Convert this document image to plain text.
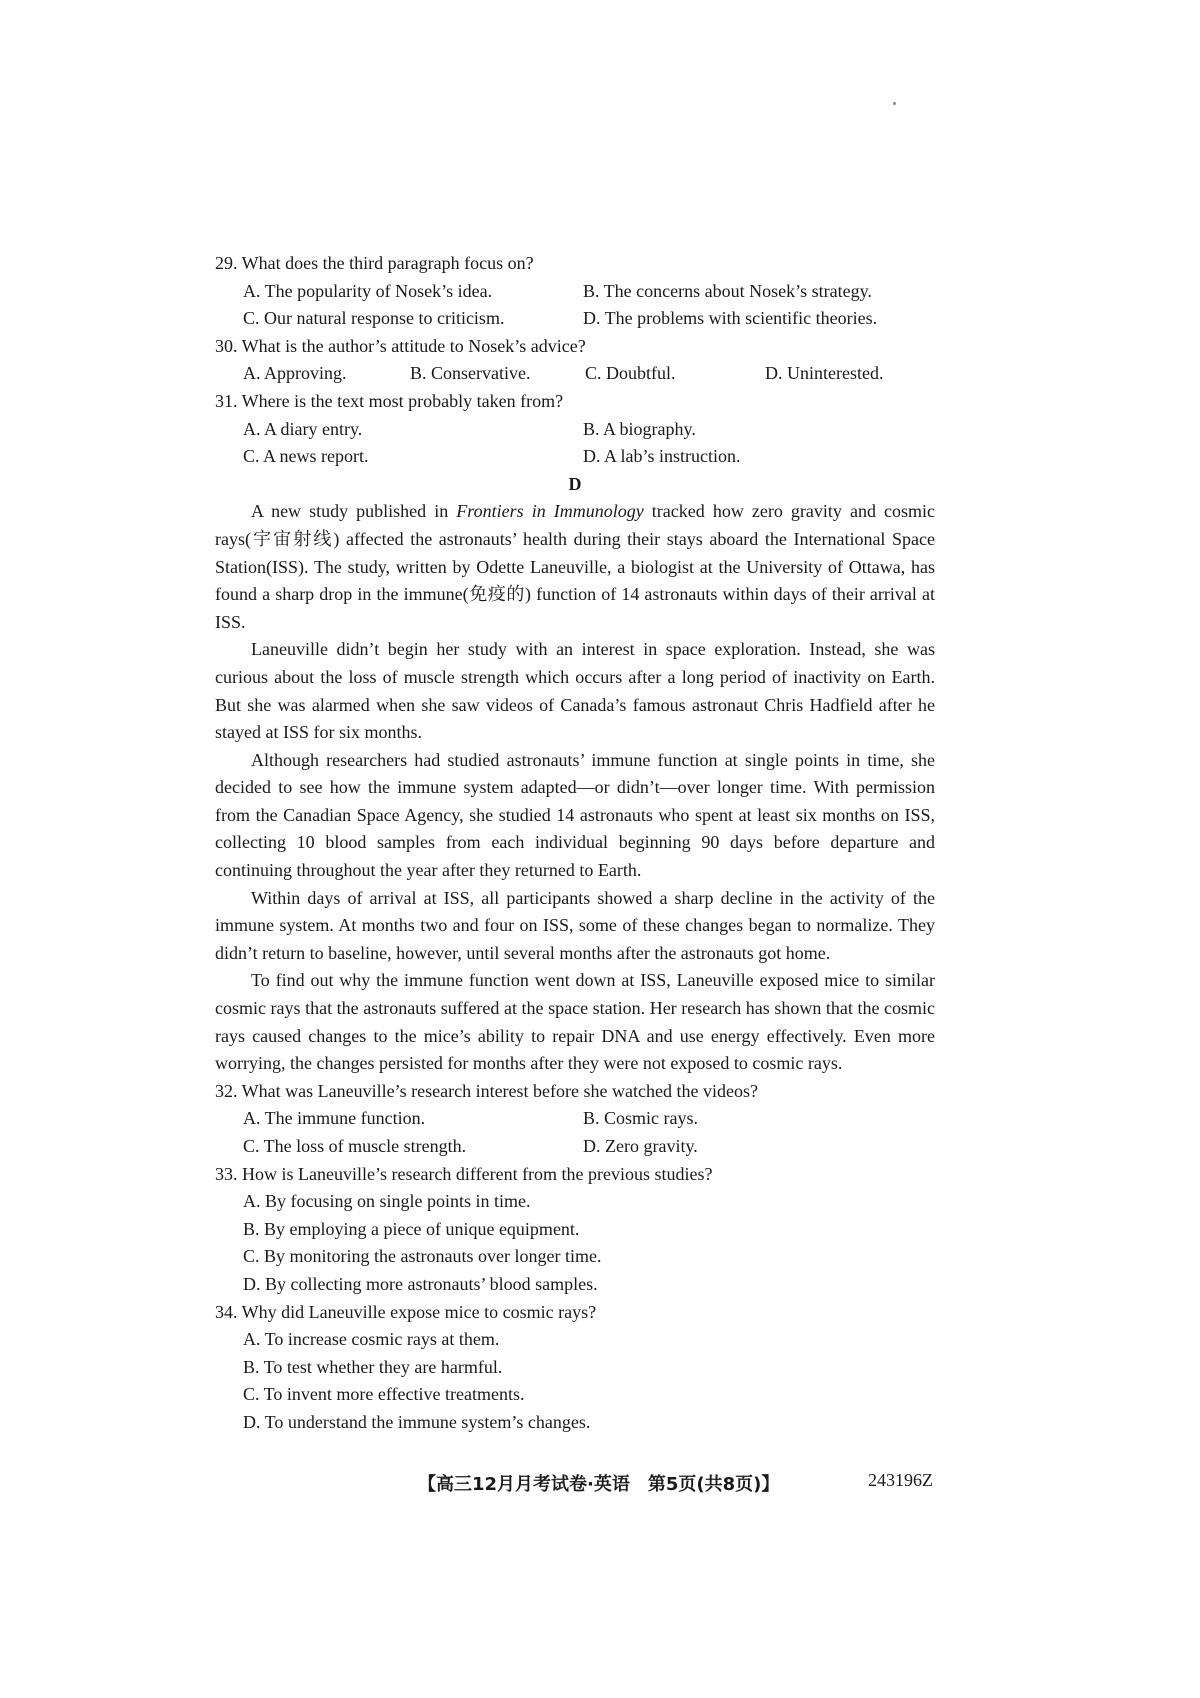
29. What does the third paragraph focus on?

A. The popularity of Nosek’s idea.	B. The concerns about Nosek’s strategy.
C. Our natural response to criticism.	D. The problems with scientific theories.

30. What is the author’s attitude to Nosek’s advice?

A. Approving.	B. Conservative.	C. Doubtful.	D. Uninterested.

31. Where is the text most probably taken from?

A. A diary entry.	B. A biography.
C. A news report.	D. A lab’s instruction.

D

A new study published in Frontiers in Immunology tracked how zero gravity and cosmic rays(宇宙射线) affected the astronauts’ health during their stays aboard the International Space Station(ISS). The study, written by Odette Laneuville, a biologist at the University of Ottawa, has found a sharp drop in the immune(免疫的) function of 14 astronauts within days of their arrival at ISS.

Laneuville didn’t begin her study with an interest in space exploration. Instead, she was curious about the loss of muscle strength which occurs after a long period of inactivity on Earth. But she was alarmed when she saw videos of Canada’s famous astronaut Chris Hadfield after he stayed at ISS for six months.

Although researchers had studied astronauts’ immune function at single points in time, she decided to see how the immune system adapted—or didn’t—over longer time. With permission from the Canadian Space Agency, she studied 14 astronauts who spent at least six months on ISS, collecting 10 blood samples from each individual beginning 90 days before departure and continuing throughout the year after they returned to Earth.

Within days of arrival at ISS, all participants showed a sharp decline in the activity of the immune system. At months two and four on ISS, some of these changes began to normalize. They didn’t return to baseline, however, until several months after the astronauts got home.

To find out why the immune function went down at ISS, Laneuville exposed mice to similar cosmic rays that the astronauts suffered at the space station. Her research has shown that the cosmic rays caused changes to the mice’s ability to repair DNA and use energy effectively. Even more worrying, the changes persisted for months after they were not exposed to cosmic rays.

32. What was Laneuville’s research interest before she watched the videos?

A. The immune function.	B. Cosmic rays.
C. The loss of muscle strength.	D. Zero gravity.

33. How is Laneuville’s research different from the previous studies?

A. By focusing on single points in time.
B. By employing a piece of unique equipment.
C. By monitoring the astronauts over longer time.
D. By collecting more astronauts’ blood samples.

34. Why did Laneuville expose mice to cosmic rays?

A. To increase cosmic rays at them.
B. To test whether they are harmful.
C. To invent more effective treatments.
D. To understand the immune system’s changes.
【高三12月月考试卷·英语　第5页(共8页)】	243196Z
